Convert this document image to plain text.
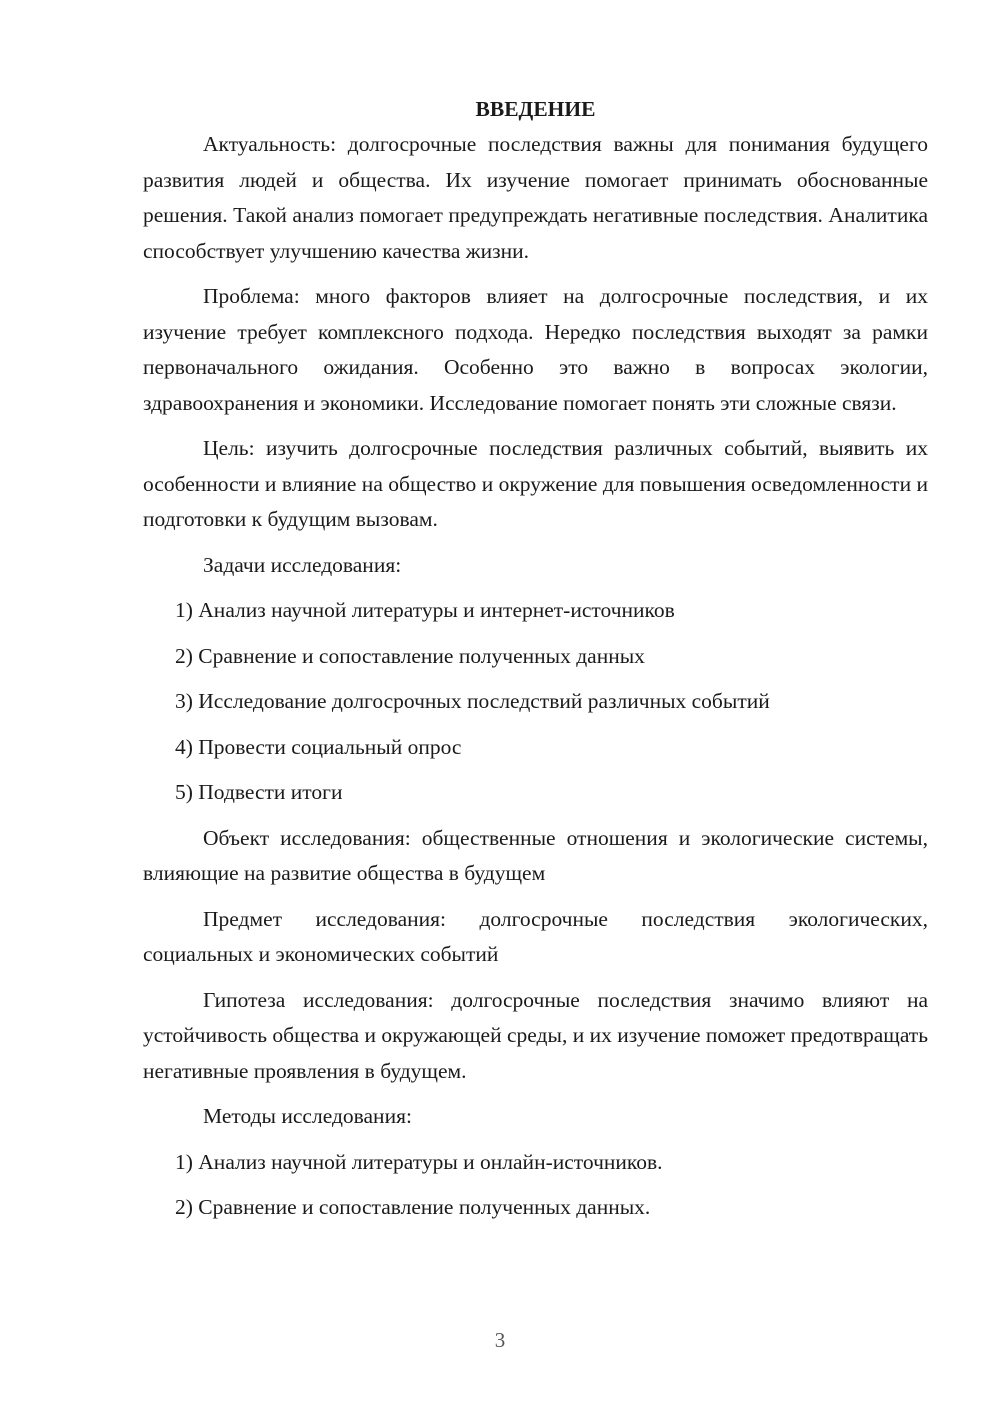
ВВЕДЕНИЕ

Актуальность: долгосрочные последствия важны для понимания будущего развития людей и общества. Их изучение помогает принимать обоснованные решения. Такой анализ помогает предупреждать негативные последствия. Аналитика способствует улучшению качества жизни.

Проблема: много факторов влияет на долгосрочные последствия, и их изучение требует комплексного подхода. Нередко последствия выходят за рамки первоначального ожидания. Особенно это важно в вопросах экологии, здравоохранения и экономики. Исследование помогает понять эти сложные связи.

Цель: изучить долгосрочные последствия различных событий, выявить их особенности и влияние на общество и окружение для повышения осведомленности и подготовки к будущим вызовам.

Задачи исследования:

1) Анализ научной литературы и интернет-источников

2) Сравнение и сопоставление полученных данных

3) Исследование долгосрочных последствий различных событий

4) Провести социальный опрос

5) Подвести итоги

Объект исследования: общественные отношения и экологические системы, влияющие на развитие общества в будущем

Предмет исследования: долгосрочные последствия экологических, социальных и экономических событий

Гипотеза исследования: долгосрочные последствия значимо влияют на устойчивость общества и окружающей среды, и их изучение поможет предотвращать негативные проявления в будущем.

Методы исследования:

1) Анализ научной литературы и онлайн-источников.

2) Сравнение и сопоставление полученных данных.

3
